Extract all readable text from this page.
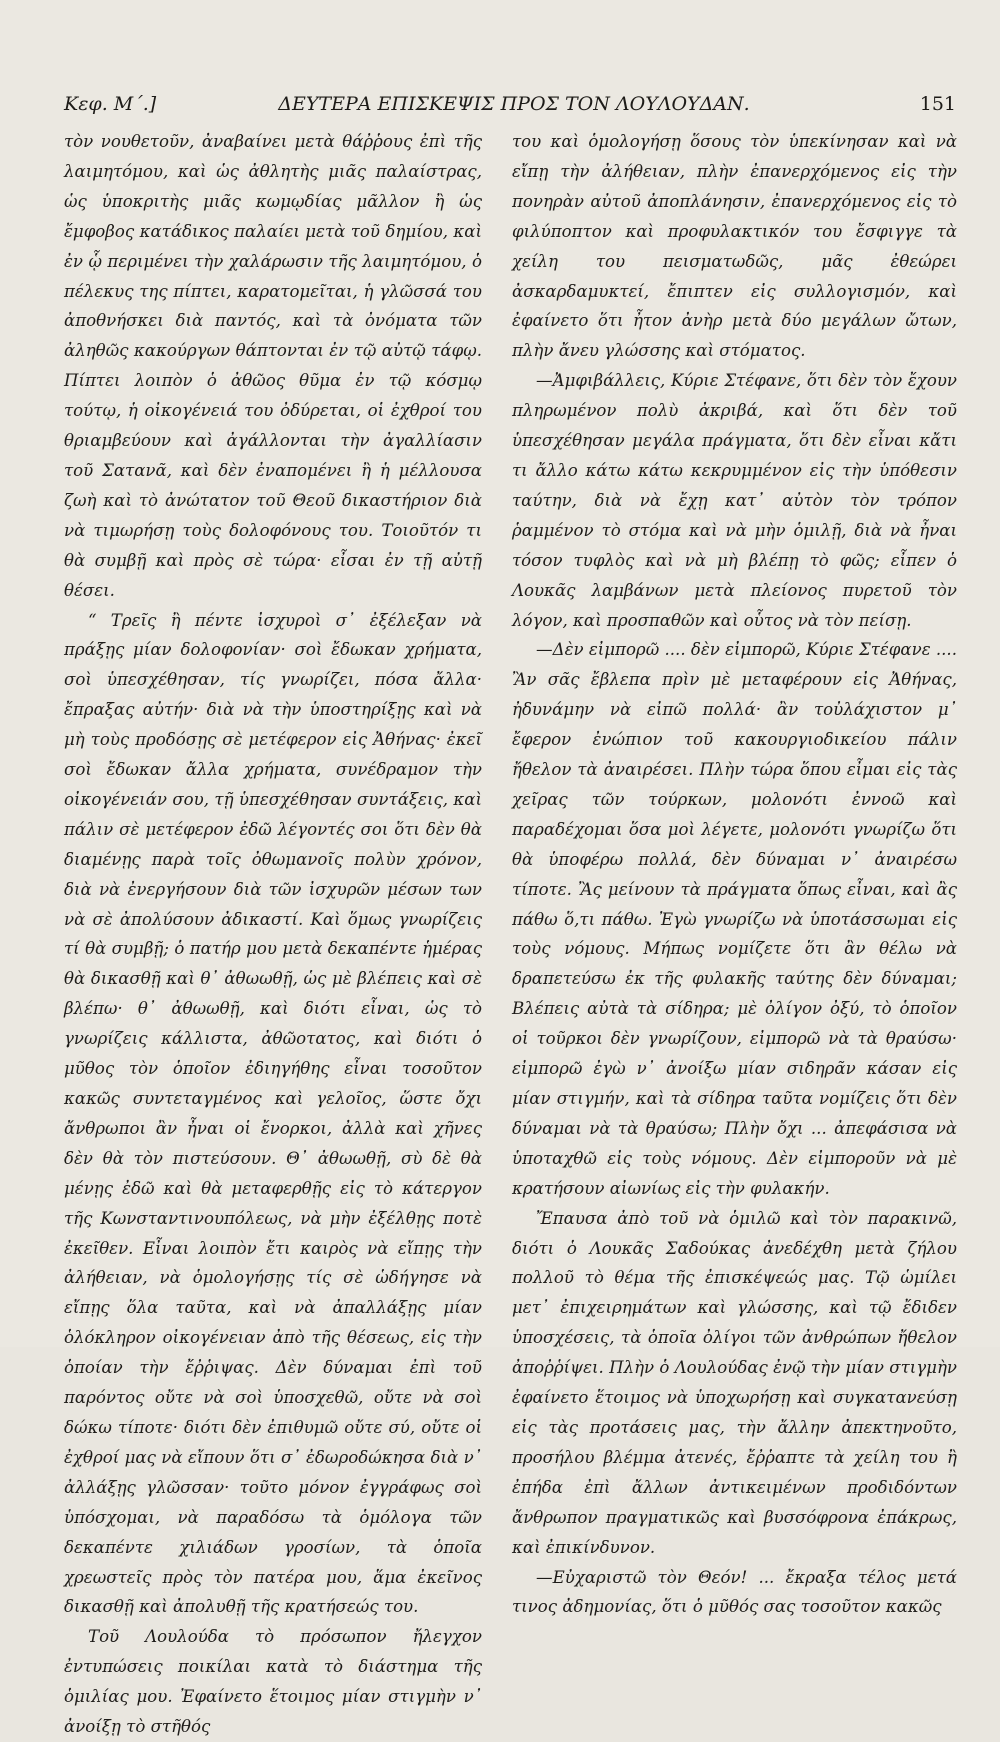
Κεφ. Μ΄.]	ΔΕΥΤΕΡΑ ΕΠΙΣΚΕΨΙΣ ΠΡΟΣ ΤΟΝ ΛΟΥΛΟΥΔΑΝ.	151

τὸν νουθετοῦν, ἀναβαίνει μετὰ θάῤῥους ἐπὶ τῆς λαιμητόμου, καὶ ὡς ἀθλητὴς μιᾶς παλαίστρας, ὡς ὑποκριτὴς μιᾶς κωμῳδίας μᾶλλον ἢ ὡς ἔμφοβος κατάδικος παλαίει μετὰ τοῦ δημίου, καὶ ἐν ᾧ περιμένει τὴν χαλάρωσιν τῆς λαιμητόμου, ὁ πέλεκυς της πίπτει, καρατομεῖται, ἡ γλῶσσά του ἀποθνήσκει διὰ παντός, καὶ τὰ ὀνόματα τῶν ἀληθῶς κακούργων θάπτονται ἐν τῷ αὐτῷ τάφῳ. Πίπτει λοιπὸν ὁ ἀθῶος θῦμα ἐν τῷ κόσμῳ τούτῳ, ἡ οἰκογένειά του ὀδύρεται, οἱ ἐχθροί του θριαμβεύουν καὶ ἀγάλλονται τὴν ἀγαλλίασιν τοῦ Σατανᾶ, καὶ δὲν ἐναπομένει ἢ ἡ μέλλουσα ζωὴ καὶ τὸ ἀνώτατον τοῦ Θεοῦ δικαστήριον διὰ νὰ τιμωρήσῃ τοὺς δολοφόνους του. Τοιοῦτόν τι θὰ συμβῇ καὶ πρὸς σὲ τώρα· εἶσαι ἐν τῇ αὐτῇ θέσει.

“ Τρεῖς ἢ πέντε ἰσχυροὶ σ᾽ ἐξέλεξαν νὰ πράξῃς μίαν δολοφονίαν· σοὶ ἔδωκαν χρήματα, σοὶ ὑπεσχέθησαν, τίς γνωρίζει, πόσα ἄλλα· ἔπραξας αὐτήν· διὰ νὰ τὴν ὑποστηρίξῃς καὶ νὰ μὴ τοὺς προδόσῃς σὲ μετέφερον εἰς Ἀθήνας· ἐκεῖ σοὶ ἔδωκαν ἄλλα χρήματα, συνέδραμον τὴν οἰκογένειάν σου, τῇ ὑπεσχέθησαν συντάξεις, καὶ πάλιν σὲ μετέφερον ἐδῶ λέγοντές σοι ὅτι δὲν θὰ διαμένῃς παρὰ τοῖς ὀθωμανοῖς πολὺν χρόνον, διὰ νὰ ἐνεργήσουν διὰ τῶν ἰσχυρῶν μέσων των νὰ σὲ ἀπολύσουν ἀδικαστί. Καὶ ὅμως γνωρίζεις τί θὰ συμβῇ; ὁ πατήρ μου μετὰ δεκαπέντε ἡμέρας θὰ δικασθῇ καὶ θ᾽ ἀθωωθῇ, ὡς μὲ βλέπεις καὶ σὲ βλέπω· θ᾽ ἀθωωθῇ, καὶ διότι εἶναι, ὡς τὸ γνωρίζεις κάλλιστα, ἀθῶοτατος, καὶ διότι ὁ μῦθος τὸν ὁποῖον ἐδιηγήθης εἶναι τοσοῦτον κακῶς συντεταγμένος καὶ γελοῖος, ὥστε ὄχι ἄνθρωποι ἂν ἦναι οἱ ἔνορκοι, ἀλλὰ καὶ χῆνες δὲν θὰ τὸν πιστεύσουν. Θ᾽ ἀθωωθῇ, σὺ δὲ θὰ μένῃς ἐδῶ καὶ θὰ μεταφερθῇς εἰς τὸ κάτεργον τῆς Κωνσταντινουπόλεως, νὰ μὴν ἐξέλθῃς ποτὲ ἐκεῖθεν. Εἶναι λοιπὸν ἔτι καιρὸς νὰ εἴπῃς τὴν ἀλήθειαν, νὰ ὁμολογήσῃς τίς σὲ ὡδήγησε νὰ εἴπῃς ὅλα ταῦτα, καὶ νὰ ἀπαλλάξῃς μίαν ὁλόκληρον οἰκογένειαν ἀπὸ τῆς θέσεως, εἰς τὴν ὁποίαν τὴν ἔῤῥιψας. Δὲν δύναμαι ἐπὶ τοῦ παρόντος οὔτε νὰ σοὶ ὑποσχεθῶ, οὔτε νὰ σοὶ δώκω τίποτε· διότι δὲν ἐπιθυμῶ οὔτε σύ, οὔτε οἱ ἐχθροί μας νὰ εἴπουν ὅτι σ᾽ ἐδωροδώκησα διὰ ν᾽ ἀλλάξῃς γλῶσσαν· τοῦτο μόνον ἐγγράφως σοὶ ὑπόσχομαι, νὰ παραδόσω τὰ ὁμόλογα τῶν δεκαπέντε χιλιάδων γροσίων, τὰ ὁποῖα χρεωστεῖς πρὸς τὸν πατέρα μου, ἅμα ἐκεῖνος δικασθῇ καὶ ἀπολυθῇ τῆς κρατήσεώς του.

Τοῦ Λουλούδα τὸ πρόσωπον ἤλεγχον ἐντυπώσεις ποικίλαι κατὰ τὸ διάστημα τῆς ὁμιλίας μου. Ἐφαίνετο ἕτοιμος μίαν στιγμὴν ν᾽ ἀνοίξῃ τὸ στῆθός

του καὶ ὁμολογήσῃ ὅσους τὸν ὑπεκίνησαν καὶ νὰ εἴπῃ τὴν ἀλήθειαν, πλὴν ἐπανερχόμενος εἰς τὴν πονηρὰν αὐτοῦ ἀποπλάνησιν, ἐπανερχόμενος εἰς τὸ φιλύποπτον καὶ προφυλακτικόν του ἔσφιγγε τὰ χείλη του πεισματωδῶς, μᾶς ἐθεώρει ἀσκαρδαμυκτεί, ἔπιπτεν εἰς συλλογισμόν, καὶ ἐφαίνετο ὅτι ἦτον ἀνὴρ μετὰ δύο μεγάλων ὤτων, πλὴν ἄνευ γλώσσης καὶ στόματος.

—Ἀμφιβάλλεις, Κύριε Στέφανε, ὅτι δὲν τὸν ἔχουν πληρωμένον πολὺ ἀκριβά, καὶ ὅτι δὲν τοῦ ὑπεσχέθησαν μεγάλα πράγματα, ὅτι δὲν εἶναι κἄτι τι ἄλλο κάτω κάτω κεκρυμμένον εἰς τὴν ὑπόθεσιν ταύτην, διὰ νὰ ἔχῃ κατ᾽ αὐτὸν τὸν τρόπον ῥαμμένον τὸ στόμα καὶ νὰ μὴν ὁμιλῇ, διὰ νὰ ἦναι τόσον τυφλὸς καὶ νὰ μὴ βλέπῃ τὸ φῶς; εἶπεν ὁ Λουκᾶς λαμβάνων μετὰ πλείονος πυρετοῦ τὸν λόγον, καὶ προσπαθῶν καὶ οὗτος νὰ τὸν πείσῃ.

—Δὲν εἰμπορῶ .... δὲν εἰμπορῶ, Κύριε Στέφανε .... Ἂν σᾶς ἔβλεπα πρὶν μὲ μεταφέρουν εἰς Ἀθήνας, ἠδυνάμην νὰ εἰπῶ πολλά· ἂν τοὐλάχιστον μ᾽ ἔφερον ἐνώπιον τοῦ κακουργιοδικείου πάλιν ἤθελον τὰ ἀναιρέσει. Πλὴν τώρα ὅπου εἶμαι εἰς τὰς χεῖρας τῶν τούρκων, μολονότι ἐννοῶ καὶ παραδέχομαι ὅσα μοὶ λέγετε, μολονότι γνωρίζω ὅτι θὰ ὑποφέρω πολλά, δὲν δύναμαι ν᾽ ἀναιρέσω τίποτε. Ἂς μείνουν τὰ πράγματα ὅπως εἶναι, καὶ ἂς πάθω ὅ,τι πάθω. Ἐγὼ γνωρίζω νὰ ὑποτάσσωμαι εἰς τοὺς νόμους. Μήπως νομίζετε ὅτι ἂν θέλω νὰ δραπετεύσω ἐκ τῆς φυλακῆς ταύτης δὲν δύναμαι; Βλέπεις αὐτὰ τὰ σίδηρα; μὲ ὀλίγον ὀξύ, τὸ ὁποῖον οἱ τοῦρκοι δὲν γνωρίζουν, εἰμπορῶ νὰ τὰ θραύσω· εἰμπορῶ ἐγὼ ν᾽ ἀνοίξω μίαν σιδηρᾶν κάσαν εἰς μίαν στιγμήν, καὶ τὰ σίδηρα ταῦτα νομίζεις ὅτι δὲν δύναμαι νὰ τὰ θραύσω; Πλὴν ὄχι ... ἀπεφάσισα νὰ ὑποταχθῶ εἰς τοὺς νόμους. Δὲν εἰμποροῦν νὰ μὲ κρατήσουν αἰωνίως εἰς τὴν φυλακήν.

Ἔπαυσα ἀπὸ τοῦ νὰ ὁμιλῶ καὶ τὸν παρακινῶ, διότι ὁ Λουκᾶς Σαδούκας ἀνεδέχθη μετὰ ζήλου πολλοῦ τὸ θέμα τῆς ἐπισκέψεώς μας. Τῷ ὡμίλει μετ᾽ ἐπιχειρημάτων καὶ γλώσσης, καὶ τῷ ἔδιδεν ὑποσχέσεις, τὰ ὁποῖα ὀλίγοι τῶν ἀνθρώπων ἤθελον ἀποῤῥίψει. Πλὴν ὁ Λουλούδας ἐνῷ τὴν μίαν στιγμὴν ἐφαίνετο ἕτοιμος νὰ ὑποχωρήσῃ καὶ συγκατανεύσῃ εἰς τὰς προτάσεις μας, τὴν ἄλλην ἀπεκτηνοῦτο, προσήλου βλέμμα ἀτενές, ἔῤῥαπτε τὰ χείλη του ἢ ἐπήδα ἐπὶ ἄλλων ἀντικειμένων προδιδόντων ἄνθρωπον πραγματικῶς καὶ βυσσόφρονα ἐπάκρως, καὶ ἐπικίνδυνον.

—Εὐχαριστῶ τὸν Θεόν! ... ἔκραξα τέλος μετά τινος ἀδημονίας, ὅτι ὁ μῦθός σας τοσοῦτον κακῶς
